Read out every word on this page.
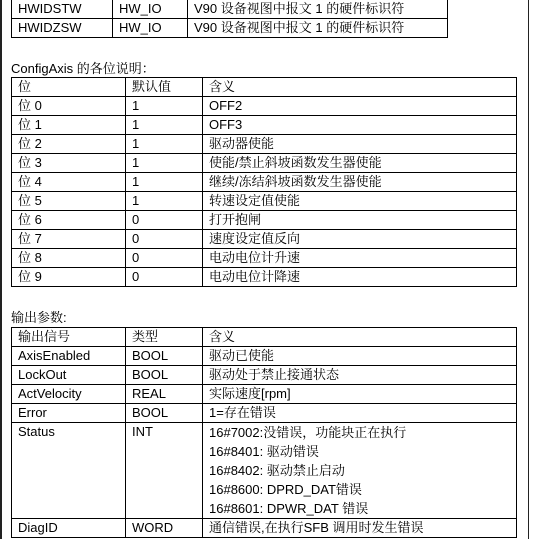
HWIDSTW	HW_IO	V90 设备视图中报文 1 的硬件标识符
HWIDZSW	HW_IO	V90 设备视图中报文 1 的硬件标识符
ConfigAxis 的各位说明：
位	默认值	含义
位 0	1	OFF2
位 1	1	OFF3
位 2	1	驱动器使能
位 3	1	使能/禁止斜坡函数发生器使能
位 4	1	继续/冻结斜坡函数发生器使能
位 5	1	转速设定值使能
位 6	0	打开抱闸
位 7	0	速度设定值反向
位 8	0	电动电位计升速
位 9	0	电动电位计降速
输出参数:
输出信号	类型	含义
AxisEnabled	BOOL	驱动已使能
LockOut	BOOL	驱动处于禁止接通状态
ActVelocity	REAL	实际速度[rpm]
Error	BOOL	1=存在错误
Status	INT	16#7002:没错误，功能块正在执行
16#8401: 驱动错误
16#8402: 驱动禁止启动
16#8600: DPRD_DAT错误
16#8601: DPWR_DAT 错误

DiagID	WORD	通信错误,在执行SFB 调用时发生错误
